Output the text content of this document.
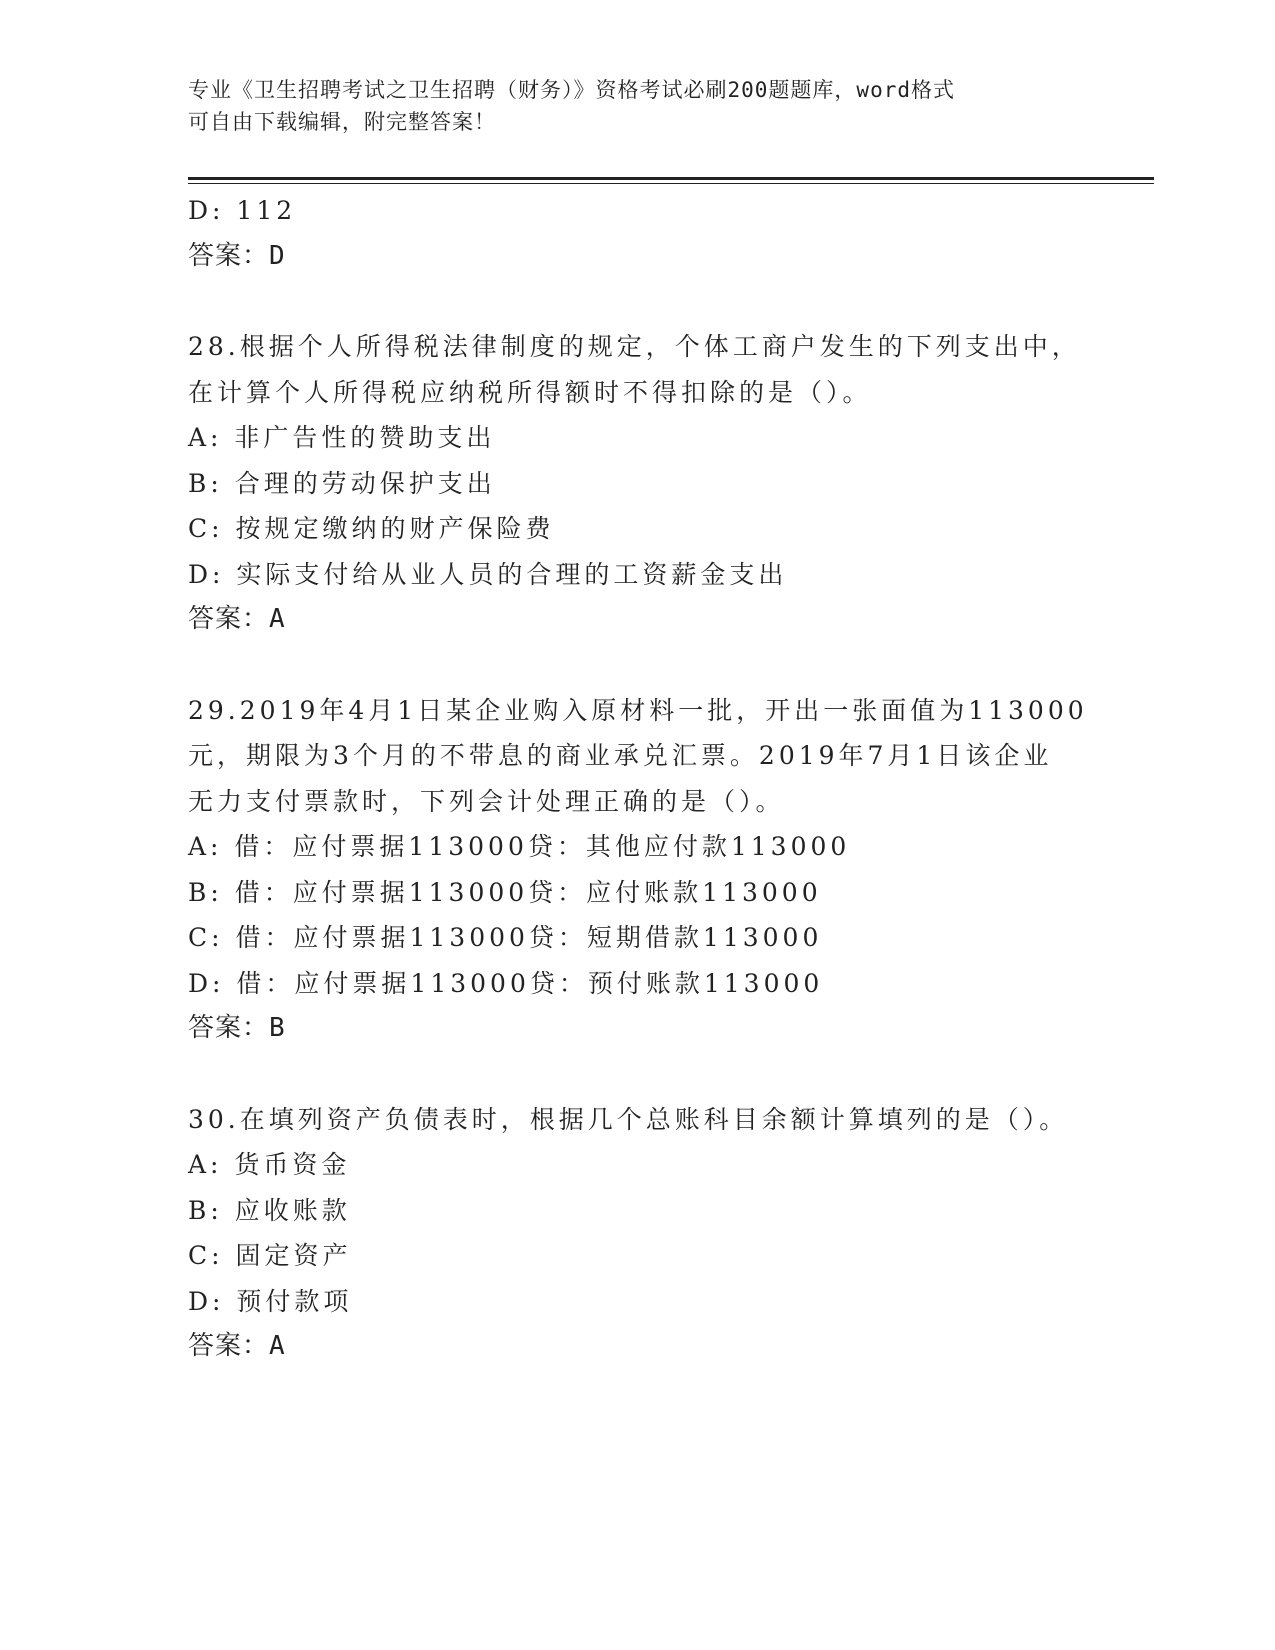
专业《卫生招聘考试之卫生招聘（财务）》资格考试必刷200题题库，word格式
可自由下载编辑，附完整答案！
D: 112
答案：D
28.根据个人所得税法律制度的规定，个体工商户发生的下列支出中，
在计算个人所得税应纳税所得额时不得扣除的是（）。
A: 非广告性的赞助支出
B: 合理的劳动保护支出
C: 按规定缴纳的财产保险费
D: 实际支付给从业人员的合理的工资薪金支出
答案：A
29.2019年4月1日某企业购入原材料一批，开出一张面值为113000
元，期限为3个月的不带息的商业承兑汇票。2019年7月1日该企业
无力支付票款时，下列会计处理正确的是（）。
A: 借：应付票据113000贷：其他应付款113000
B: 借：应付票据113000贷：应付账款113000
C: 借：应付票据113000贷：短期借款113000
D: 借：应付票据113000贷：预付账款113000
答案：B
30.在填列资产负债表时，根据几个总账科目余额计算填列的是（）。
A: 货币资金
B: 应收账款
C: 固定资产
D: 预付款项
答案：A
